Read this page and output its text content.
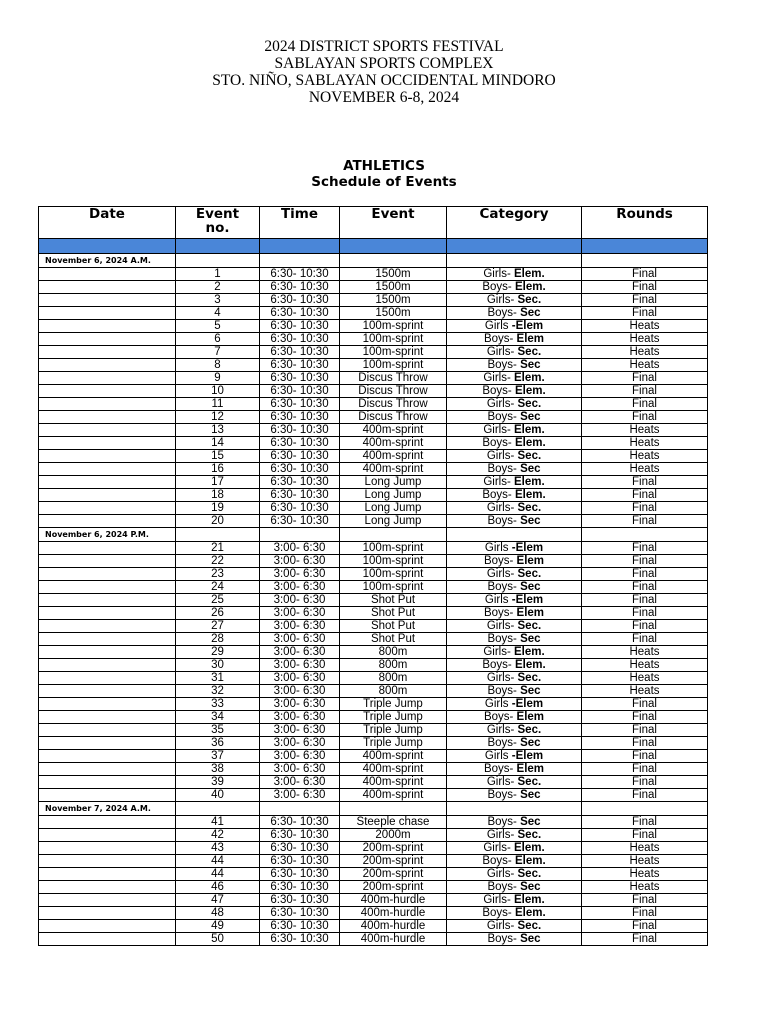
2024 DISTRICT SPORTS FESTIVAL
SABLAYAN SPORTS COMPLEX
STO. NIÑO, SABLAYAN OCCIDENTAL MINDORO
NOVEMBER 6-8, 2024
ATHLETICS
Schedule of Events
Date	Event no.	Time	Event	Category	Rounds

November 6, 2024 A.M.					
	1	6:30- 10:30	1500m	Girls- Elem.	Final
	2	6:30- 10:30	1500m	Boys- Elem.	Final
	3	6:30- 10:30	1500m	Girls- Sec.	Final
	4	6:30- 10:30	1500m	Boys- Sec	Final
	5	6:30- 10:30	100m-sprint	Girls -Elem	Heats
	6	6:30- 10:30	100m-sprint	Boys- Elem	Heats
	7	6:30- 10:30	100m-sprint	Girls- Sec.	Heats
	8	6:30- 10:30	100m-sprint	Boys- Sec	Heats
	9	6:30- 10:30	Discus Throw	Girls- Elem.	Final
	10	6:30- 10:30	Discus Throw	Boys- Elem.	Final
	11	6:30- 10:30	Discus Throw	Girls- Sec.	Final
	12	6:30- 10:30	Discus Throw	Boys- Sec	Final
	13	6:30- 10:30	400m-sprint	Girls- Elem.	Heats
	14	6:30- 10:30	400m-sprint	Boys- Elem.	Heats
	15	6:30- 10:30	400m-sprint	Girls- Sec.	Heats
	16	6:30- 10:30	400m-sprint	Boys- Sec	Heats
	17	6:30- 10:30	Long Jump	Girls- Elem.	Final
	18	6:30- 10:30	Long Jump	Boys- Elem.	Final
	19	6:30- 10:30	Long Jump	Girls- Sec.	Final
	20	6:30- 10:30	Long Jump	Boys- Sec	Final
November 6, 2024 P.M.					
	21	3:00- 6:30	100m-sprint	Girls -Elem	Final
	22	3:00- 6:30	100m-sprint	Boys- Elem	Final
	23	3:00- 6:30	100m-sprint	Girls- Sec.	Final
	24	3:00- 6:30	100m-sprint	Boys- Sec	Final
	25	3:00- 6:30	Shot Put	Girls -Elem	Final
	26	3:00- 6:30	Shot Put	Boys- Elem	Final
	27	3:00- 6:30	Shot Put	Girls- Sec.	Final
	28	3:00- 6:30	Shot Put	Boys- Sec	Final
	29	3:00- 6:30	800m	Girls- Elem.	Heats
	30	3:00- 6:30	800m	Boys- Elem.	Heats
	31	3:00- 6:30	800m	Girls- Sec.	Heats
	32	3:00- 6:30	800m	Boys- Sec	Heats
	33	3:00- 6:30	Triple Jump	Girls -Elem	Final
	34	3:00- 6:30	Triple Jump	Boys- Elem	Final
	35	3:00- 6:30	Triple Jump	Girls- Sec.	Final
	36	3:00- 6:30	Triple Jump	Boys- Sec	Final
	37	3:00- 6:30	400m-sprint	Girls -Elem	Final
	38	3:00- 6:30	400m-sprint	Boys- Elem	Final
	39	3:00- 6:30	400m-sprint	Girls- Sec.	Final
	40	3:00- 6:30	400m-sprint	Boys- Sec	Final
November 7, 2024 A.M.					
	41	6:30- 10:30	Steeple chase	Boys- Sec	Final
	42	6:30- 10:30	2000m	Girls- Sec.	Final
	43	6:30- 10:30	200m-sprint	Girls- Elem.	Heats
	44	6:30- 10:30	200m-sprint	Boys- Elem.	Heats
	44	6:30- 10:30	200m-sprint	Girls- Sec.	Heats
	46	6:30- 10:30	200m-sprint	Boys- Sec	Heats
	47	6:30- 10:30	400m-hurdle	Girls- Elem.	Final
	48	6:30- 10:30	400m-hurdle	Boys- Elem.	Final
	49	6:30- 10:30	400m-hurdle	Girls- Sec.	Final
	50	6:30- 10:30	400m-hurdle	Boys- Sec	Final
